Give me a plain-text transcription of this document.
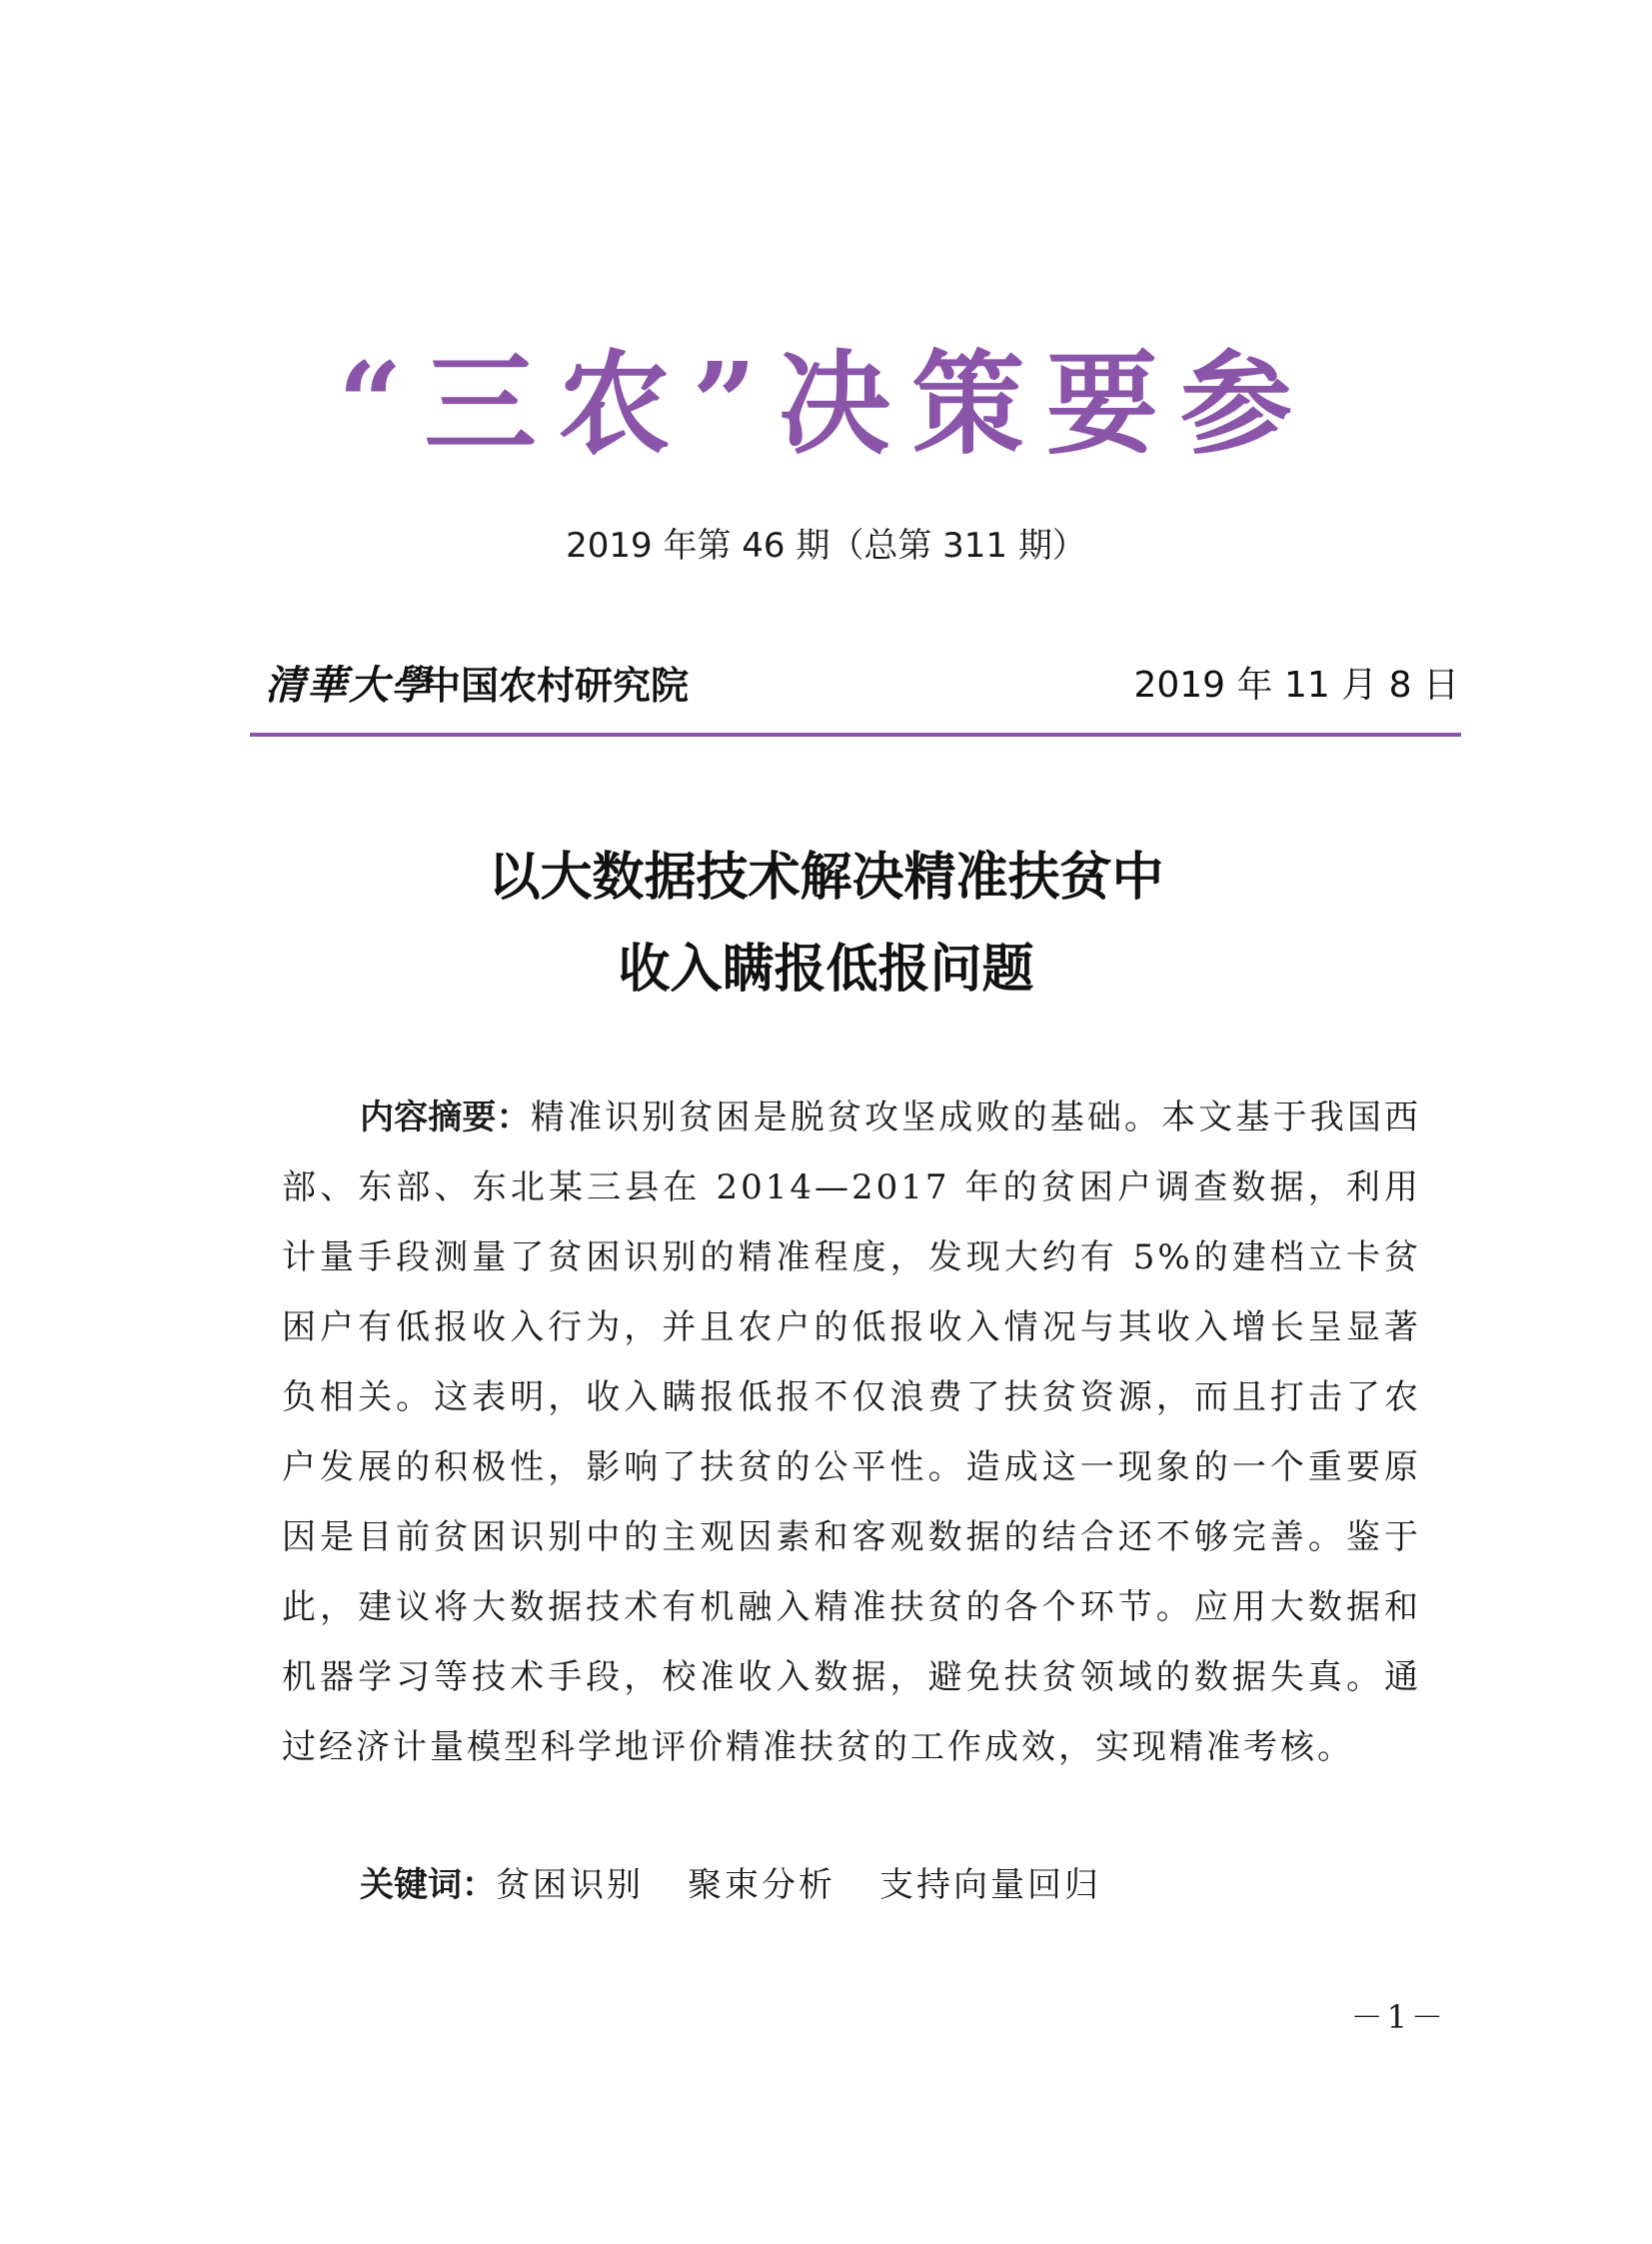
“三农”决策要参
2019 年第 46 期（总第 311 期）
清華大學
中国农村研究院	2019 年 11 月 8 日
以大数据技术解决精准扶贫中
收入瞒报低报问题
内容摘要：精准识别贫困是脱贫攻坚成败的基础。本文基于我国西部、东部、东北某三县在 2014—2017 年的贫困户调查数据，利用计量手段测量了贫困识别的精准程度，发现大约有 5%的建档立卡贫困户有低报收入行为，并且农户的低报收入情况与其收入增长呈显著负相关。这表明，收入瞒报低报不仅浪费了扶贫资源，而且打击了农户发展的积极性，影响了扶贫的公平性。造成这一现象的一个重要原因是目前贫困识别中的主观因素和客观数据的结合还不够完善。鉴于此，建议将大数据技术有机融入精准扶贫的各个环节。应用大数据和机器学习等技术手段，校准收入数据，避免扶贫领域的数据失真。通过经济计量模型科学地评价精准扶贫的工作成效，实现精准考核。
关键词：贫困识别 聚束分析 支持向量回归
－1－
